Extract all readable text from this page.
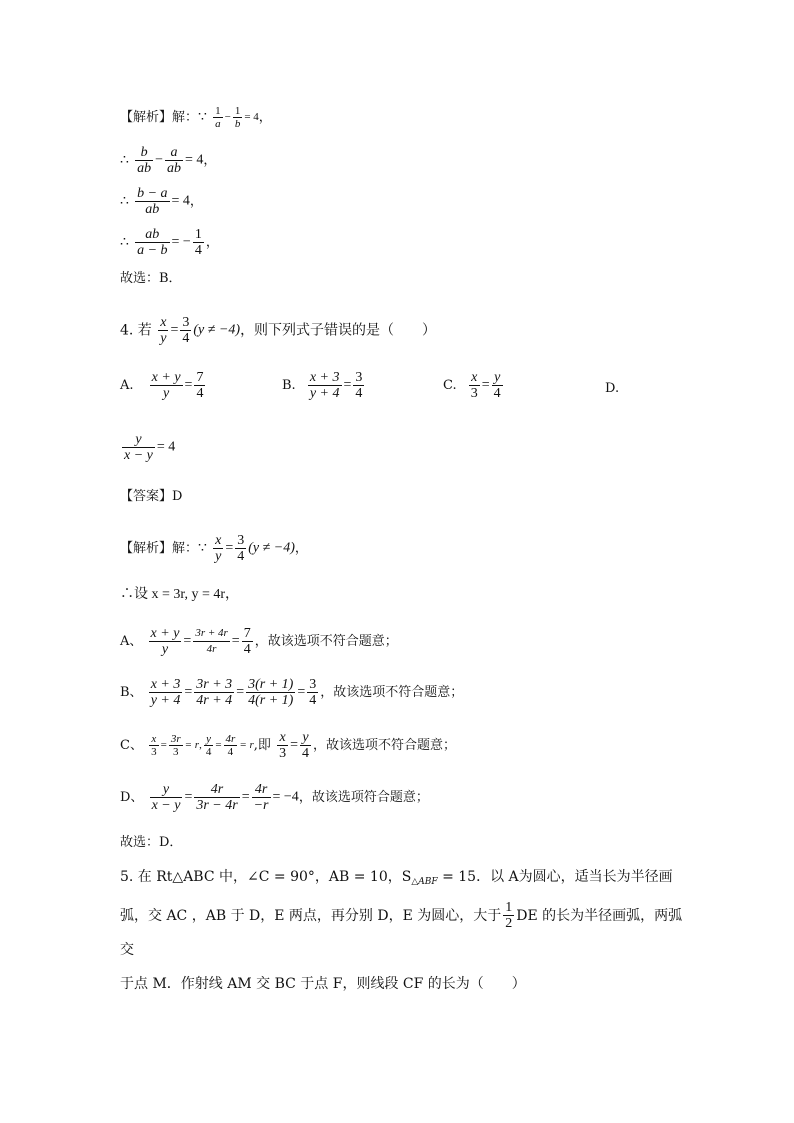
【解析】解：∵ $\frac{1}{a} - \frac{1}{b} = 4$，
∴ $\frac{b}{ab} - \frac{a}{ab} = 4$，
∴ $\frac{b - a}{ab} = 4$，
∴ $\frac{ab}{a - b}$ = − $\frac{1}{4}$ ，
故选：B．
4. 若 $\frac{x}{y} = \frac{3}{4} (y \ne -4)$，则下列式子错误的是（　　）
A. $\frac{x + y}{y} = \frac{7}{4}$	B. $\frac{x + 3}{y + 4} = \frac{3}{4}$	C. $\frac{x}{3} = \frac{y}{4}$	D.
$\frac{y}{x - y} = 4$
【答案】D
【解析】解：∵ $\frac{x}{y} = \frac{3}{4} (y \ne -4)$，
∴设 x = 3r, y = 4r，
A、 $\frac{x + y}{y} = \frac{3r + 4r}{4r} = \frac{7}{4}$ ，故该选项不符合题意；
B、 $\frac{x + 3}{y + 4} = \frac{3r + 3}{4r + 4} = \frac{3(r + 1)}{4(r + 1)} = \frac{3}{4}$ ，故该选项不符合题意；
C、 $\frac{x}{3} = \frac{3r}{3} = r$, $\frac{y}{4} = \frac{4r}{4} = r$,即 $\frac{x}{3} = \frac{y}{4}$ ，故该选项不符合题意；
D、 $\frac{y}{x - y} = \frac{4r}{3r - 4r} = \frac{4r}{-r} = -4$，故该选项符合题意；
故选：D．
5. 在 Rt△ABC 中，∠C = 90°，AB = 10，$S_{\triangle ABF} = 15$．以 A为圆心，适当长为半径画
弧，交 AC ，AB 于 D，E 两点，再分别 D，E 为圆心，大于 $\frac{1}{2}$ DE 的长为半径画弧，两弧交
于点 M．作射线 AM 交 BC 于点 F，则线段 CF 的长为（　　）
